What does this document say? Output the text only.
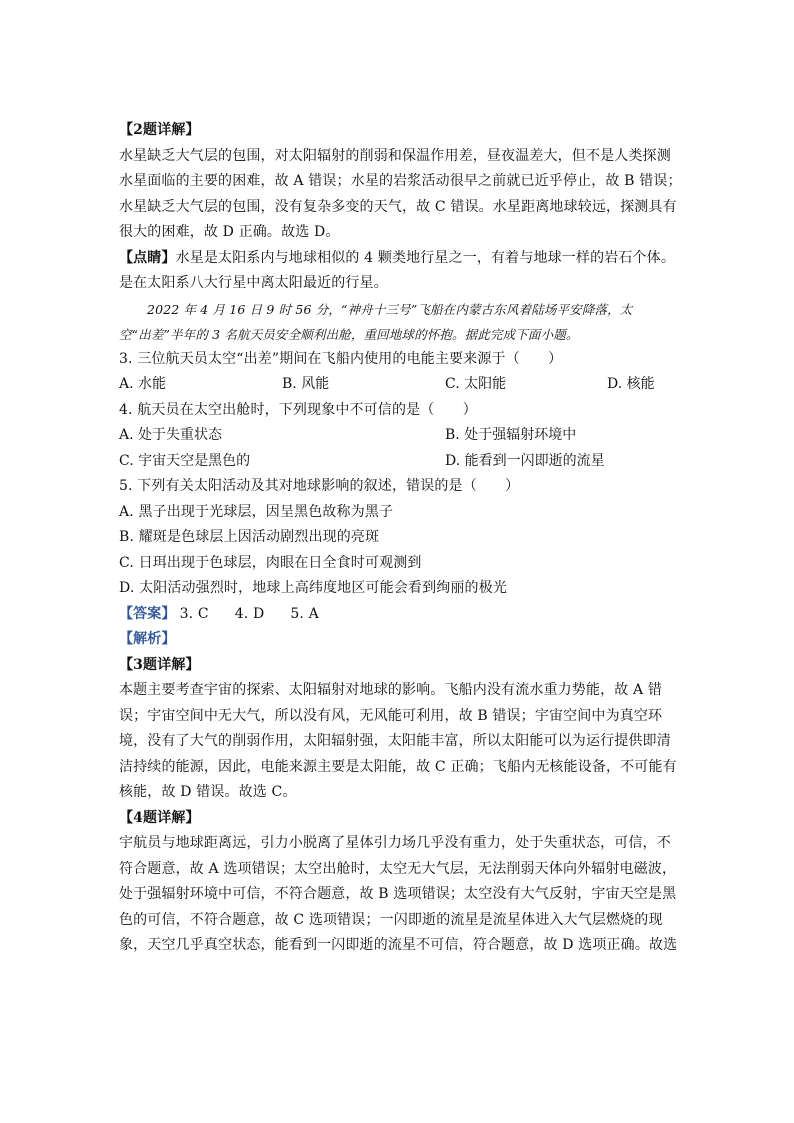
【2题详解】
水星缺乏大气层的包围，对太阳辐射的削弱和保温作用差，昼夜温差大，但不是人类探测
水星面临的主要的困难，故 A 错误；水星的岩浆活动很早之前就已近乎停止，故 B 错误；
水星缺乏大气层的包围，没有复杂多变的天气，故 C 错误。水星距离地球较远，探测具有
很大的困难，故 D 正确。故选 D。
【点睛】水星是太阳系内与地球相似的 4 颗类地行星之一，有着与地球一样的岩石个体。
是在太阳系八大行星中离太阳最近的行星。
2022 年 4 月 16 日 9 时 56 分，“神舟十三号”飞船在内蒙古东风着陆场平安降落，太
空“出差”半年的 3 名航天员安全顺利出舱，重回地球的怀抱。据此完成下面小题。
3. 三位航天员太空“出差”期间在飞船内使用的电能主要来源于（　　）
A. 水能	B. 风能	C. 太阳能	D. 核能
4. 航天员在太空出舱时，下列现象中不可信的是（　　）
A. 处于失重状态	B. 处于强辐射环境中
C. 宇宙天空是黑色的	D. 能看到一闪即逝的流星
5. 下列有关太阳活动及其对地球影响的叙述，错误的是（　　）
A. 黑子出现于光球层，因呈黑色故称为黑子
B. 耀斑是色球层上因活动剧烈出现的亮斑
C. 日珥出现于色球层，肉眼在日全食时可观测到
D. 太阳活动强烈时，地球上高纬度地区可能会看到绚丽的极光
【答案】 3. C 4. D 5. A
【解析】
【3题详解】
本题主要考查宇宙的探索、太阳辐射对地球的影响。飞船内没有流水重力势能，故 A 错
误；宇宙空间中无大气，所以没有风，无风能可利用，故 B 错误；宇宙空间中为真空环
境，没有了大气的削弱作用，太阳辐射强，太阳能丰富，所以太阳能可以为运行提供即清
洁持续的能源，因此，电能来源主要是太阳能，故 C 正确；飞船内无核能设备，不可能有
核能，故 D 错误。故选 C。
【4题详解】
宇航员与地球距离远，引力小脱离了星体引力场几乎没有重力，处于失重状态，可信，不
符合题意，故 A 选项错误；太空出舱时，太空无大气层，无法削弱天体向外辐射电磁波，
处于强辐射环境中可信，不符合题意，故 B 选项错误；太空没有大气反射，宇宙天空是黑
色的可信，不符合题意，故 C 选项错误；一闪即逝的流星是流星体进入大气层燃烧的现
象，天空几乎真空状态，能看到一闪即逝的流星不可信，符合题意，故 D 选项正确。故选
